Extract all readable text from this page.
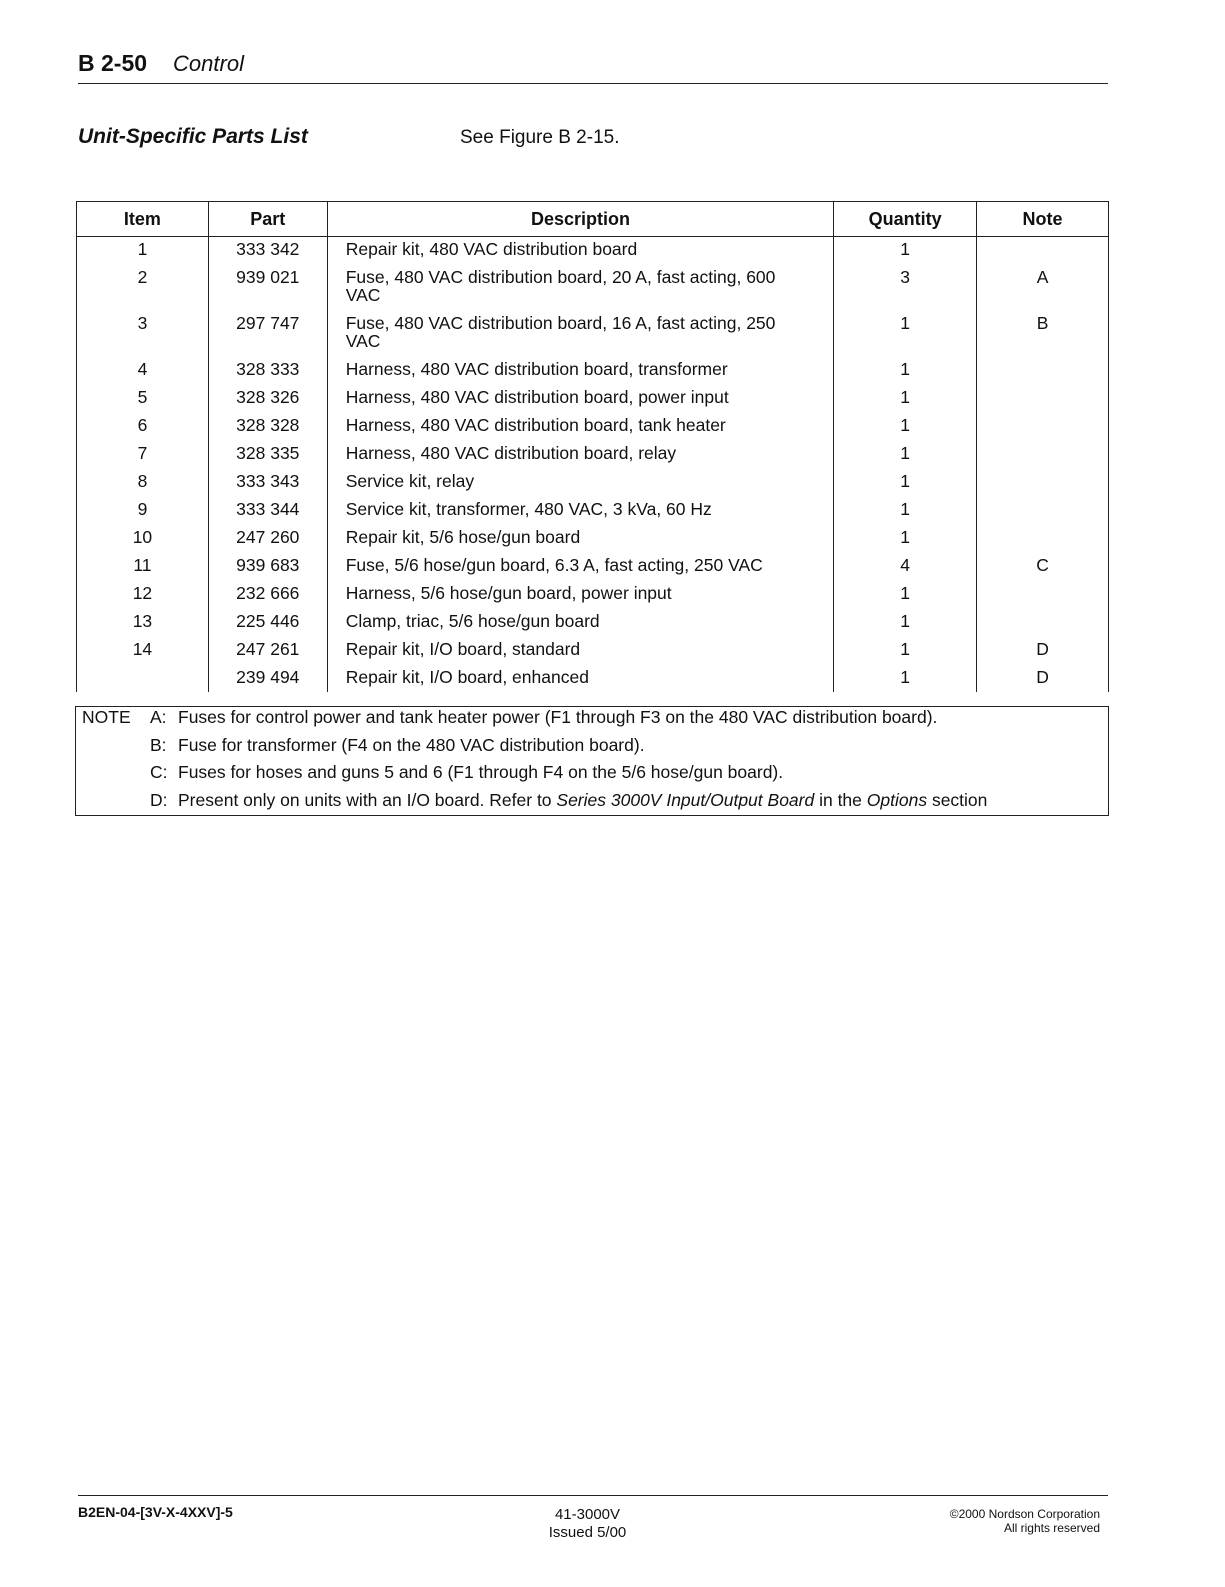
B 2-50 Control
Unit-Specific Parts List	See Figure B 2-15.
Item	Part	Description	Quantity	Note
1	333 342	Repair kit, 480 VAC distribution board	1	
2	939 021	Fuse, 480 VAC distribution board, 20 A, fast acting, 600 VAC	3	A
3	297 747	Fuse, 480 VAC distribution board, 16 A, fast acting, 250 VAC	1	B
4	328 333	Harness, 480 VAC distribution board, transformer	1	
5	328 326	Harness, 480 VAC distribution board, power input	1	
6	328 328	Harness, 480 VAC distribution board, tank heater	1	
7	328 335	Harness, 480 VAC distribution board, relay	1	
8	333 343	Service kit, relay	1	
9	333 344	Service kit, transformer, 480 VAC, 3 kVa, 60 Hz	1	
10	247 260	Repair kit, 5/6 hose/gun board	1	
11	939 683	Fuse, 5/6 hose/gun board, 6.3 A, fast acting, 250 VAC	4	C
12	232 666	Harness, 5/6 hose/gun board, power input	1	
13	225 446	Clamp, triac, 5/6 hose/gun board	1	
14	247 261	Repair kit, I/O board, standard	1	D
	239 494	Repair kit, I/O board, enhanced	1	D
NOTE A: Fuses for control power and tank heater power (F1 through F3 on the 480 VAC distribution board).
B: Fuse for transformer (F4 on the 480 VAC distribution board).
C: Fuses for hoses and guns 5 and 6 (F1 through F4 on the 5/6 hose/gun board).
D: Present only on units with an I/O board. Refer to Series 3000V Input/Output Board in the Options section
B2EN-04-[3V-X-4XXV]-5	41-3000V
Issued 5/00
©2000 Nordson Corporation
All rights reserved
